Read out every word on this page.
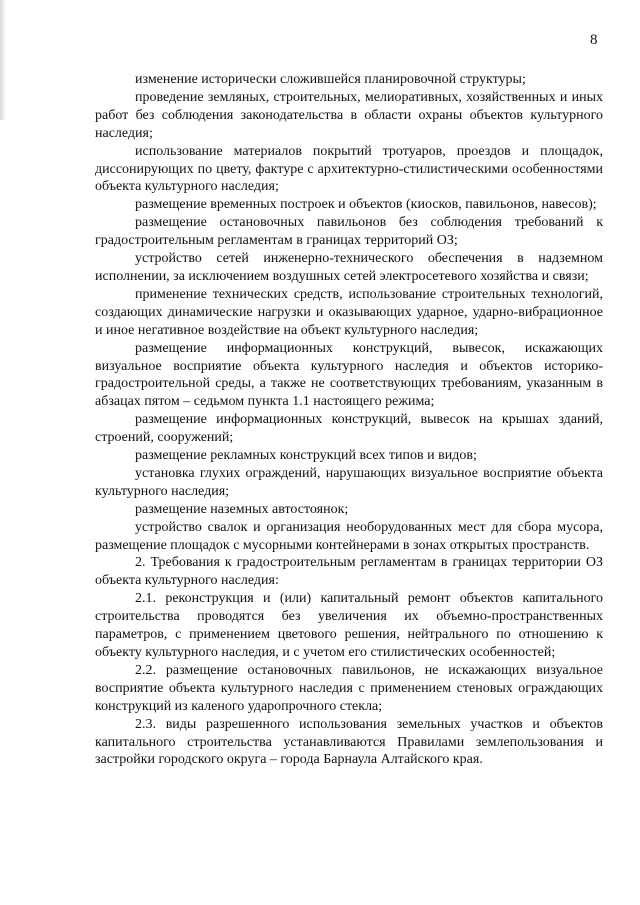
8

изменение исторически сложившейся планировочной структуры;

проведение земляных, строительных, мелиоративных, хозяйственных и иных работ без соблюдения законодательства в области охраны объектов культурного наследия;

использование материалов покрытий тротуаров, проездов и площадок, диссонирующих по цвету, фактуре с архитектурно-стилистическими особенностями объекта культурного наследия;

размещение временных построек и объектов (киосков, павильонов, навесов);

размещение остановочных павильонов без соблюдения требований к градостроительным регламентам в границах территорий ОЗ;

устройство сетей инженерно-технического обеспечения в надземном исполнении, за исключением воздушных сетей электросетевого хозяйства и связи;

применение технических средств, использование строительных технологий, создающих динамические нагрузки и оказывающих ударное, ударно-вибрационное и иное негативное воздействие на объект культурного наследия;

размещение информационных конструкций, вывесок, искажающих визуальное восприятие объекта культурного наследия и объектов историко-градостроительной среды, а также не соответствующих требованиям, указанным в абзацах пятом – седьмом пункта 1.1 настоящего режима;

размещение информационных конструкций, вывесок на крышах зданий, строений, сооружений;

размещение рекламных конструкций всех типов и видов;

установка глухих ограждений, нарушающих визуальное восприятие объекта культурного наследия;

размещение наземных автостоянок;

устройство свалок и организация необорудованных мест для сбора мусора, размещение площадок с мусорными контейнерами в зонах открытых пространств.

2. Требования к градостроительным регламентам в границах территории ОЗ объекта культурного наследия:

2.1. реконструкция и (или) капитальный ремонт объектов капитального строительства проводятся без увеличения их объемно-пространственных параметров, с применением цветового решения, нейтрального по отношению к объекту культурного наследия, и с учетом его стилистических особенностей;

2.2. размещение остановочных павильонов, не искажающих визуальное восприятие объекта культурного наследия с применением стеновых ограждающих конструкций из каленого ударопрочного стекла;

2.3. виды разрешенного использования земельных участков и объектов капитального строительства устанавливаются Правилами землепользования и застройки городского округа – города Барнаула Алтайского края.
